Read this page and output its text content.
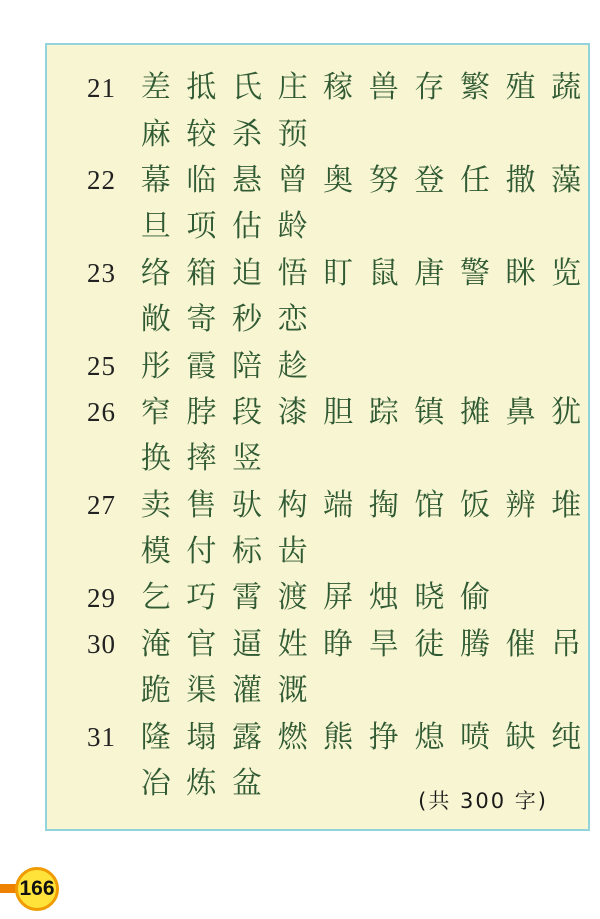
21 差 抵 氏 庄 稼 兽 存 繁 殖 蔬
麻 较 杀 预
22 幕 临 悬 曾 奥 努 登 任 撒 藻
旦 项 估 龄
23 络 箱 迫 悟 盯 鼠 唐 警 眯 览
敞 寄 秒 恋
25 彤 霞 陪 趁
26 窄 脖 段 漆 胆 踪 镇 摊 鼻 犹
换 摔 竖
27 卖 售 驮 构 端 掏 馆 饭 辨 堆
模 付 标 齿
29 乞 巧 霄 渡 屏 烛 晓 偷
30 淹 官 逼 姓 睁 旱 徒 腾 催 吊
跪 渠 灌 溉
31 隆 塌 露 燃 熊 挣 熄 喷 缺 纯
冶 炼 盆	(共 300 字)
166
